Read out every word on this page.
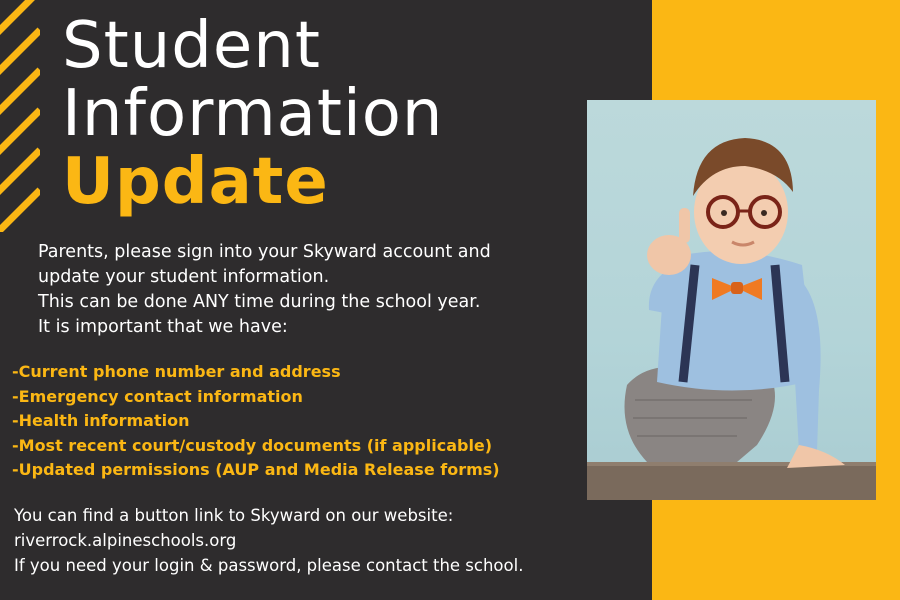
Student
Information
Update
Parents, please sign into your Skyward account and
update your student information.
This can be done ANY time during the school year.
It is important that we have:
-Current phone number and address
-Emergency contact information
-Health information
-Most recent court/custody documents (if applicable)
-Updated permissions (AUP and Media Release forms)
You can find a button link to Skyward on our website:
riverrock.alpineschools.org
If you need your login & password, please contact the school.
